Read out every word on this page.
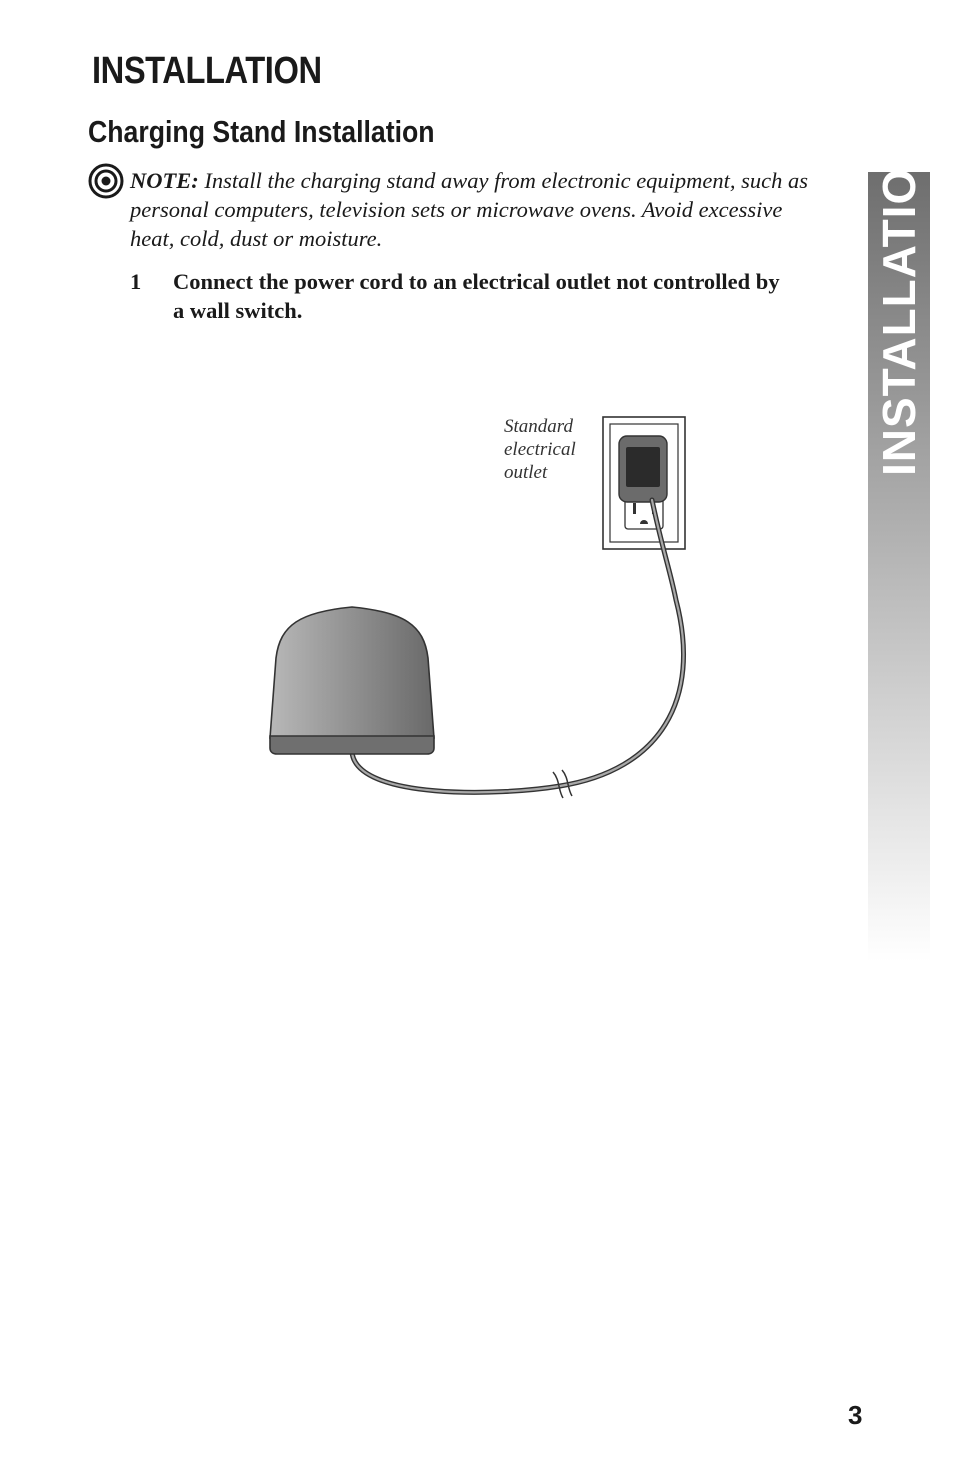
INSTALLATION
Charging Stand Installation
NOTE: Install the charging stand away from electronic equipment, such as personal computers, television sets or microwave ovens. Avoid excessive heat, cold, dust or moisture.
1 Connect the power cord to an electrical outlet not controlled by a wall switch.
Standard electrical outlet	INSTALLATION
3
